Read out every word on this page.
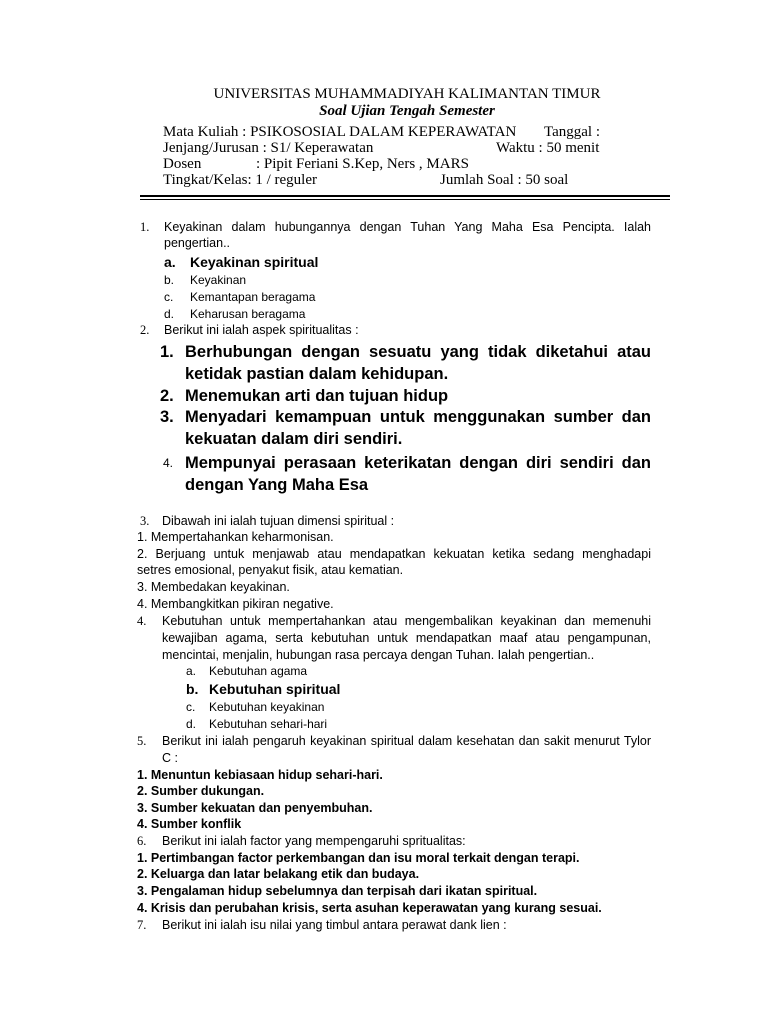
UNIVERSITAS MUHAMMADIYAH KALIMANTAN TIMUR
Soal Ujian Tengah Semester
Mata Kuliah : PSIKOSOSIAL DALAM KEPERAWATAN Tanggal :
Jenjang/Jurusan : S1/ Keperawatan	Waktu : 50 menit
Dosen	: Pipit Feriani S.Kep, Ners , MARS
Tingkat/Kelas: 1 / reguler	Jumlah Soal : 50 soal
1. Keyakinan dalam hubungannya dengan Tuhan Yang Maha Esa Pencipta. Ialah
pengertian..
a. Keyakinan spiritual
b. Keyakinan
c. Kemantapan beragama
d. Keharusan beragama
2. Berikut ini ialah aspek spiritualitas :
1. Berhubungan dengan sesuatu yang tidak diketahui atau
ketidak pastian dalam kehidupan.
2. Menemukan arti dan tujuan hidup
3. Menyadari kemampuan untuk menggunakan sumber dan
kekuatan dalam diri sendiri.
4. Mempunyai perasaan keterikatan dengan diri sendiri dan
dengan Yang Maha Esa
3. Dibawah ini ialah tujuan dimensi spiritual :
1. Mempertahankan keharmonisan.
2. Berjuang untuk menjawab atau mendapatkan kekuatan ketika sedang menghadapi
setres emosional, penyakut fisik, atau kematian.
3. Membedakan keyakinan.
4. Membangkitkan pikiran negative.
4. Kebutuhan untuk mempertahankan atau mengembalikan keyakinan dan memenuhi
kewajiban agama, serta kebutuhan untuk mendapatkan maaf atau pengampunan,
mencintai, menjalin, hubungan rasa percaya dengan Tuhan. Ialah pengertian..
a. Kebutuhan agama
b. Kebutuhan spiritual
c. Kebutuhan keyakinan
d. Kebutuhan sehari-hari
5. Berikut ini ialah pengaruh keyakinan spiritual dalam kesehatan dan sakit menurut Tylor
C :
1. Menuntun kebiasaan hidup sehari-hari.
2. Sumber dukungan.
3. Sumber kekuatan dan penyembuhan.
4. Sumber konflik
6. Berikut ini ialah factor yang mempengaruhi spritualitas:
1. Pertimbangan factor perkembangan dan isu moral terkait dengan terapi.
2. Keluarga dan latar belakang etik dan budaya.
3. Pengalaman hidup sebelumnya dan terpisah dari ikatan spiritual.
4. Krisis dan perubahan krisis, serta asuhan keperawatan yang kurang sesuai.
7. Berikut ini ialah isu nilai yang timbul antara perawat dank lien :
